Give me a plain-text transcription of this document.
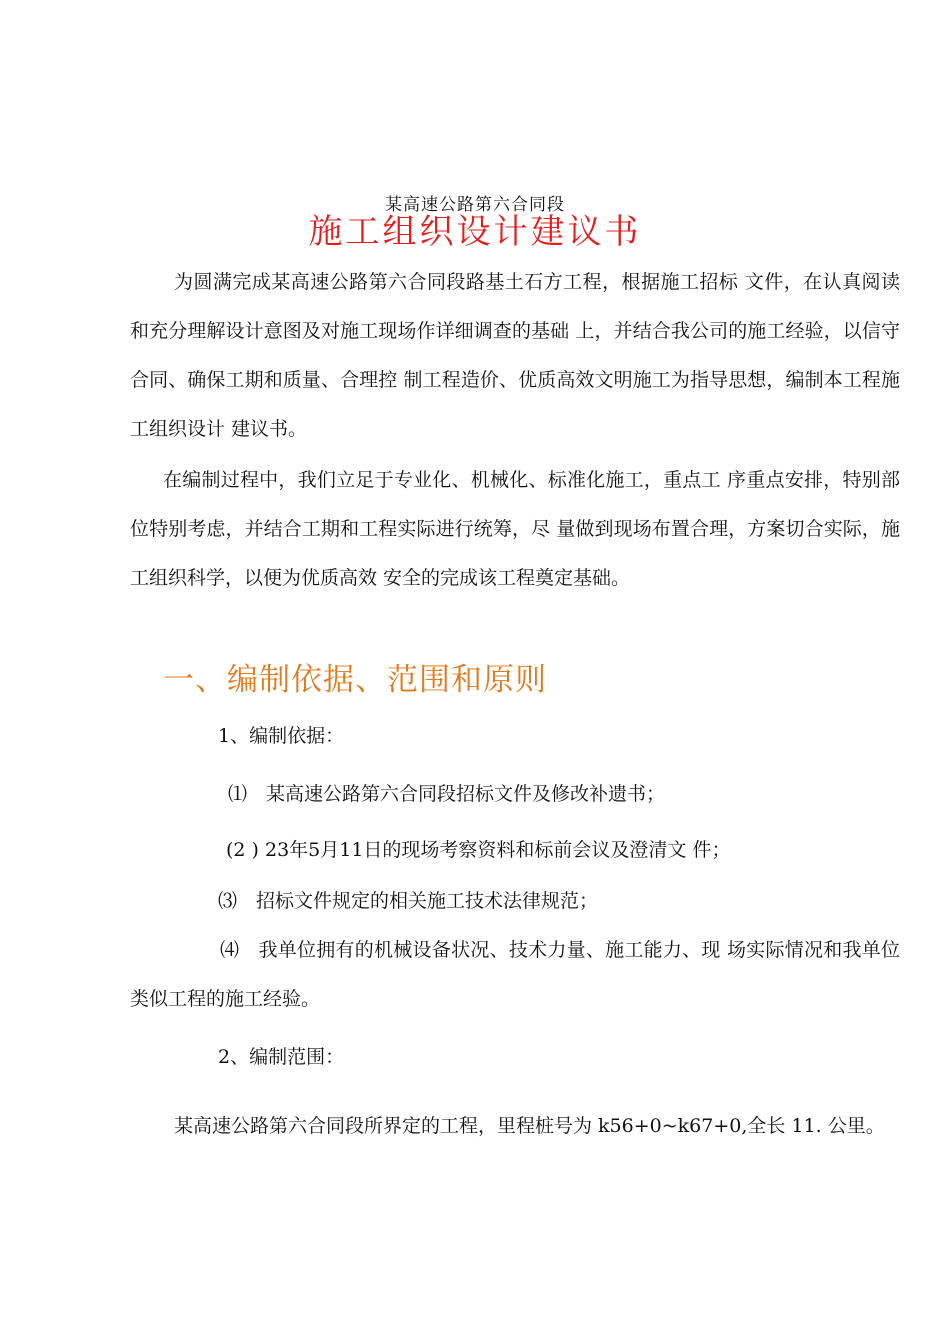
某高速公路第六合同段
施工组织设计建议书

为圆满完成某高速公路第六合同段路基土石方工程，根据施工招标 文件，在认真阅读和充分理解设计意图及对施工现场作详细调查的基础 上，并结合我公司的施工经验，以信守合同、确保工期和质量、合理控 制工程造价、优质高效文明施工为指导思想，编制本工程施工组织设计 建议书。

在编制过程中，我们立足于专业化、机械化、标准化施工，重点工 序重点安排，特别部位特别考虑，并结合工期和工程实际进行统筹，尽 量做到现场布置合理，方案切合实际，施工组织科学，以便为优质高效 安全的完成该工程奠定基础。

一、编制依据、范围和原则

1、编制依据：

⑴　某高速公路第六合同段招标文件及修改补遗书；

(2 ) 23年5月11日的现场考察资料和标前会议及澄清文 件；

⑶　招标文件规定的相关施工技术法律规范；

⑷　我单位拥有的机械设备状况、技术力量、施工能力、现 场实际情况和我单位类似工程的施工经验。

2、编制范围：

某高速公路第六合同段所界定的工程，里程桩号为 k56+0~k67+0,全长 11. 公里。
